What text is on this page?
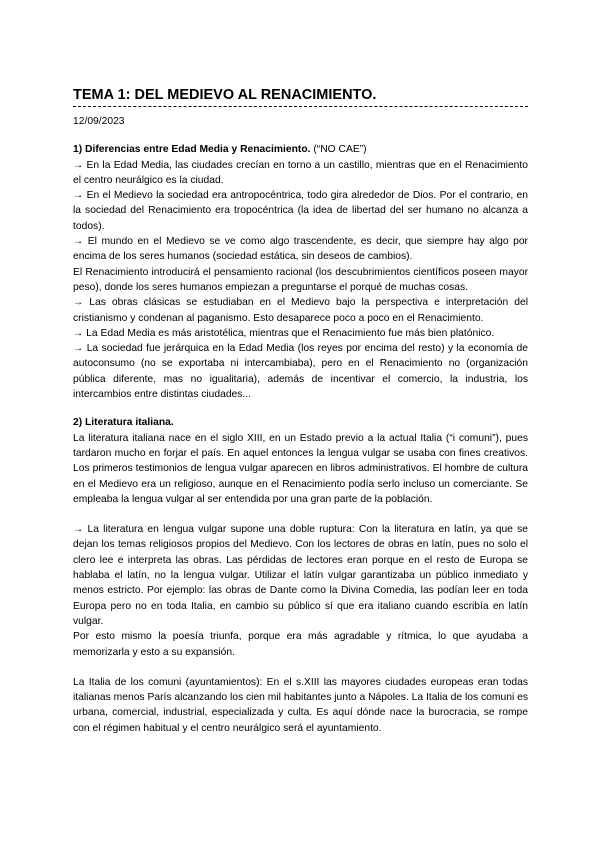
TEMA 1: DEL MEDIEVO AL RENACIMIENTO.
12/09/2023
1) Diferencias entre Edad Media y Renacimiento. (“NO CAE”)

→ En la Edad Media, las ciudades crecían en torno a un castillo, mientras que en el Renacimiento el centro neurálgico es la ciudad.

→ En el Medievo la sociedad era antropocéntrica, todo gira alrededor de Dios. Por el contrario, en la sociedad del Renacimiento era tropocéntrica (la idea de libertad del ser humano no alcanza a todos).

→ El mundo en el Medievo se ve como algo trascendente, es decir, que siempre hay algo por encima de los seres humanos (sociedad estática, sin deseos de cambios).

El Renacimiento introducirá el pensamiento racional (los descubrimientos científicos poseen mayor peso), donde los seres humanos empiezan a preguntarse el porqué de muchas cosas.

→ Las obras clásicas se estudiaban en el Medievo bajo la perspectiva e interpretación del cristianismo y condenan al paganismo. Esto desaparece poco a poco en el Renacimiento.

→ La Edad Media es más aristotélica, mientras que el Renacimiento fue más bien platónico.

→ La sociedad fue jerárquica en la Edad Media (los reyes por encima del resto) y la economía de autoconsumo (no se exportaba ni intercambiaba), pero en el Renacimiento no (organización pública diferente, mas no igualitaria), además de incentivar el comercio, la industria, los intercambios entre distintas ciudades...

2) Literatura italiana.

La literatura italiana nace en el siglo XIII, en un Estado previo a la actual Italia (“i comuni”), pues tardaron mucho en forjar el país. En aquel entonces la lengua vulgar se usaba con fines creativos. Los primeros testimonios de lengua vulgar aparecen en libros administrativos. El hombre de cultura en el Medievo era un religioso, aunque en el Renacimiento podía serlo incluso un comerciante. Se empleaba la lengua vulgar al ser entendida por una gran parte de la población.

→ La literatura en lengua vulgar supone una doble ruptura: Con la literatura en latín, ya que se dejan los temas religiosos propios del Medievo. Con los lectores de obras en latín, pues no solo el clero lee e interpreta las obras. Las pérdidas de lectores eran porque en el resto de Europa se hablaba el latín, no la lengua vulgar. Utilizar el latín vulgar garantizaba un público inmediato y menos estricto. Por ejemplo: las obras de Dante como la Divina Comedia, las podían leer en toda Europa pero no en toda Italia, en cambio su público sí que era italiano cuando escribía en latín vulgar.

Por esto mismo la poesía triunfa, porque era más agradable y rítmica, lo que ayudaba a memorizarla y esto a su expansión.

La Italia de los comuni (ayuntamientos): En el s.XIII las mayores ciudades europeas eran todas italianas menos París alcanzando los cien mil habitantes junto a Nápoles. La Italia de los comuni es urbana, comercial, industrial, especializada y culta. Es aquí dónde nace la burocracia, se rompe con el régimen habitual y el centro neurálgico será el ayuntamiento.
